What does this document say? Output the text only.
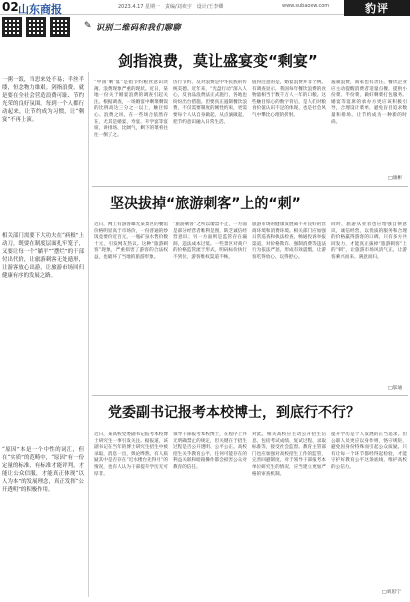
02 山东商报	2023.4.17 星期一　责编/刘欢宇　设计/王李卿	www.subaoxw.com	豹评
✎ 识别二维码和我们聊聊
一粥一饭，当思来处不易；半丝半缕，恒念物力维艰。剑指浪费，就是要在全社会营造浪费可耻、节约光荣的良好氛围。每到一个人都行动起来，让节约成为习惯，让“剩宴”不再上演。
相关部门需要下大功夫在“病根”上动刀，既要在制度层面扎牢笼子，又要让每一个“躺平”“摆烂”的干部付出代价，让旅游刺客无处遁形，让游客放心出游，让旅游市场回归健康有序的发展之路。
“原因”本是一个中性的词汇，但在“实质”的范畴中，“原因”有一份定量的标准，有标准才能评判，才能让公众信服，才能真正体现“以人为本”的发展理念，真正发挥“公开透明”的积极作用。
剑指浪费，莫让盛宴变“剩宴”
“中国‘剩’宴”是指节约粮食意识淡薄、浪费现象严重的现状。近日，某地一份关于婚宴浪费的调查引起关注。根据调查，一场婚宴中剩菜剩饭的比例高达三分之一以上，触目惊心。浪费之风，在一些场合依然存在，尤其是婚宴、寿宴、升学宴等宴席，讲排场、比阔气，剩下的菜肴往往一倒了之。
厉行节约、反对浪费是中华民族的传统美德。近年来，“光盘行动”深入人心，反食品浪费法正式施行，各地也纷纷出台措施。但要真正遏制餐饮浪费，不仅需要制度的刚性约束，更需要每个人从自身做起，从点滴做起，把节约意识融入日常生活。
值得注意的是，婚宴浪费并非个例。有调查显示，我国每年餐饮浪费的食物量相当于数千万人一年的口粮。这些触目惊心的数字背后，是人们对粮食价值认识不足的体现，也是社会风气中攀比心理的折射。
遏制浪费，商家也有责任。餐饮企业应主动提醒消费者适量点餐，提供小份菜、半份菜，做好剩菜打包服务。婚宴等宴席的承办方更应该积极引导，合理设计菜单，避免盲目追求数量和排场，让节约成为一种新的时尚。
□康彬
坚决拔掉“旅游刺客”上的“刺”
近日，网上有游客曝光某景区的餐馆价格明显高于市场价，一份普通的炒饭竟要价近百元，一瓶矿泉水售价数十元，引发网友热议。这种“旅游刺客”现象，严重损害了游客的合法权益，也破坏了当地的旅游形象。
“旅游刺客”之所以屡禁不止，一方面是部分经营者唯利是图，缺乏诚信经营意识；另一方面则是监管存在漏洞，违法成本过低。一些景区对商户的价格监管流于形式，明码标价执行不到位，游客维权渠道不畅。
旅游市场的健康发展离不开良好的营商环境和消费环境。相关部门应加强日常巡查和执法检查，畅通投诉举报渠道，对价格欺诈、强制消费等违法行为依法严惩，形成有效震慑，让游客吃得放心、玩得舒心。
同时，旅游从业者也应增强自律意识，诚信经营，以优质的服务和合理的价格赢得游客的口碑。只有多方共同发力，才能真正拔掉“旅游刺客”上的“刺”，让旅游市场风清气正，让游客乘兴而来、满意而归。
□邬通
党委副书记报考本校博士，到底行不行？
近日，某高校党委副书记报考本校博士研究生一事引发关注。据报道，该副书记在当年的博士研究生招生中被录取，消息一出，舆论哗然。有人质疑其中是否存在“近水楼台先得月”的情况，也有人认为干部提升学历无可厚非。
领导干部报考本校博士，在程序上并无明确禁止的规定，但关键在于招生过程是否公开透明、公平公正。高校招生关乎教育公平，任何可能存在的利益关联和暗箱操作都会损害公众对教育的信任。
对此，相关高校应主动公开招生信息，包括考试成绩、复试过程、录取标准等，接受社会监督。教育主管部门也应加强对高校招生工作的监管，完善回避制度，对于领导干部报考本单位研究生的情况，应当建立更加严格的审查机制。
提升学历是个人发展的正当追求，但公职人员更应以身作则，恪守规矩，避免因身份特殊而引起公众质疑。只有让每一个环节都经得起检验，才能守护好教育公平这条底线，维护高校的公信力。
□刘思宁
